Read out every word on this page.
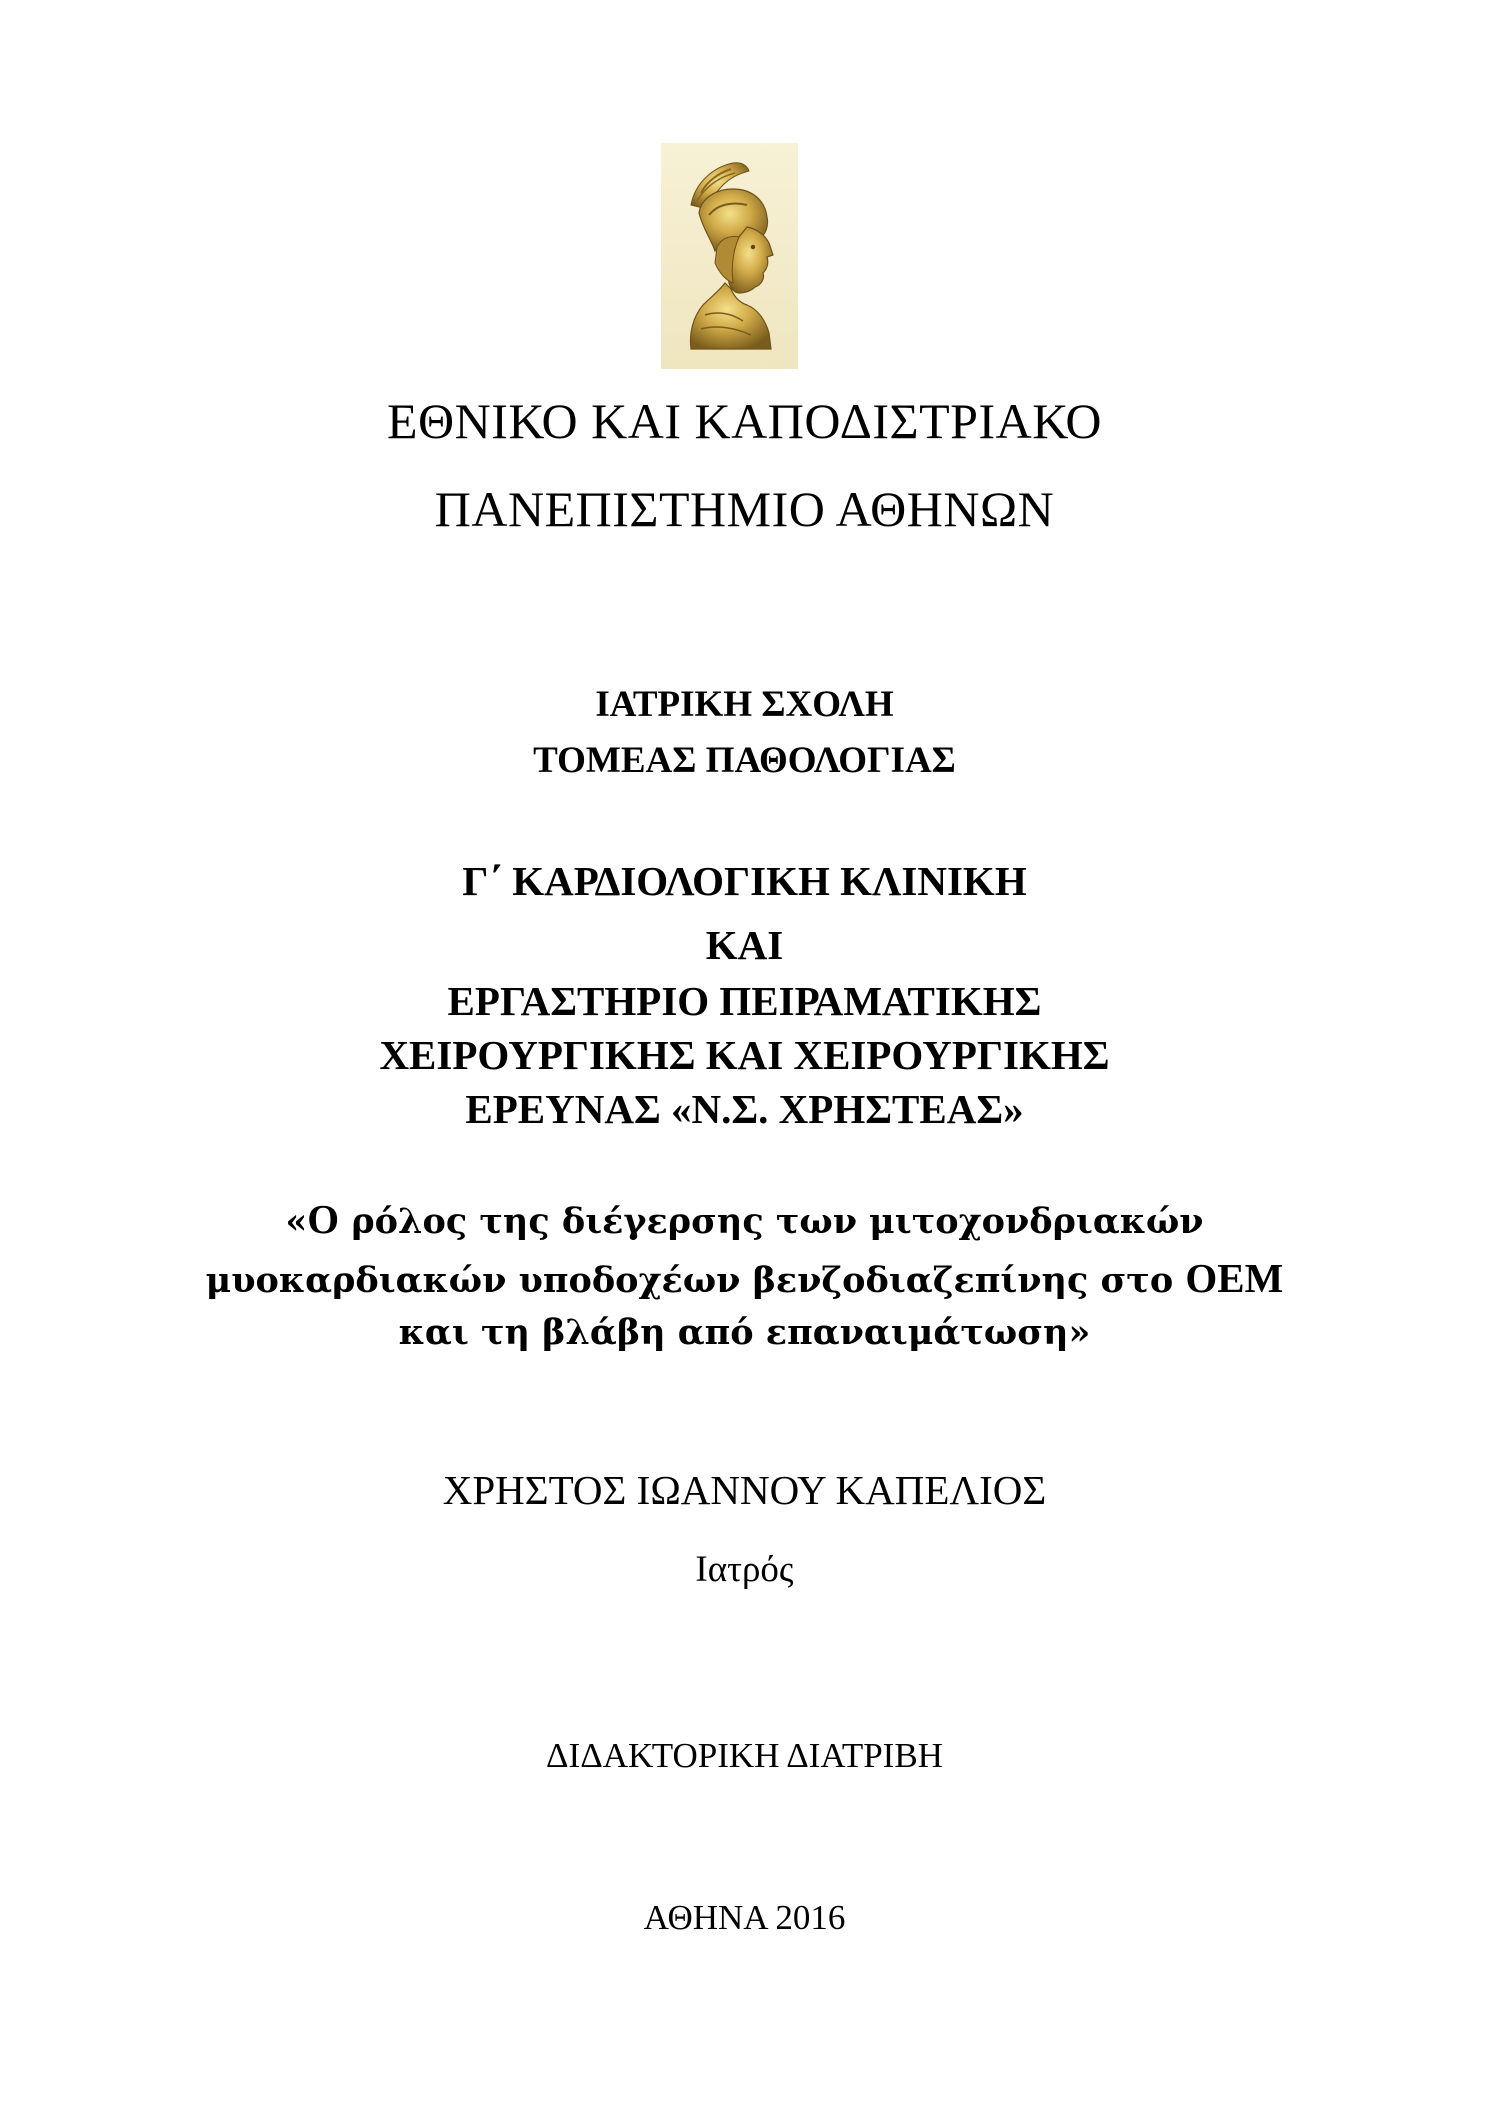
ΕΘΝΙΚΟ ΚΑΙ ΚΑΠΟΔΙΣΤΡΙΑΚΟ
ΠΑΝΕΠΙΣΤΗΜΙΟ ΑΘΗΝΩΝ
ΙΑΤΡΙΚΗ ΣΧΟΛΗ
ΤΟΜΕΑΣ ΠΑΘΟΛΟΓΙΑΣ
Γ΄ ΚΑΡΔΙΟΛΟΓΙΚΗ ΚΛΙΝΙΚΗ
ΚΑΙ
ΕΡΓΑΣΤΗΡΙΟ ΠΕΙΡΑΜΑΤΙΚΗΣ
ΧΕΙΡΟΥΡΓΙΚΗΣ ΚΑΙ ΧΕΙΡΟΥΡΓΙΚΗΣ
ΕΡΕΥΝΑΣ «Ν.Σ. ΧΡΗΣΤΕΑΣ»
«Ο ρόλος της διέγερσης των μιτοχονδριακών
μυοκαρδιακών υποδοχέων βενζοδιαζεπίνης στο ΟΕΜ
και τη βλάβη από επαναιμάτωση»
ΧΡΗΣΤΟΣ ΙΩΑΝΝΟΥ ΚΑΠΕΛΙΟΣ
Ιατρός
ΔΙΔΑΚΤΟΡΙΚΗ ΔΙΑΤΡΙΒΗ
ΑΘΗΝΑ 2016
